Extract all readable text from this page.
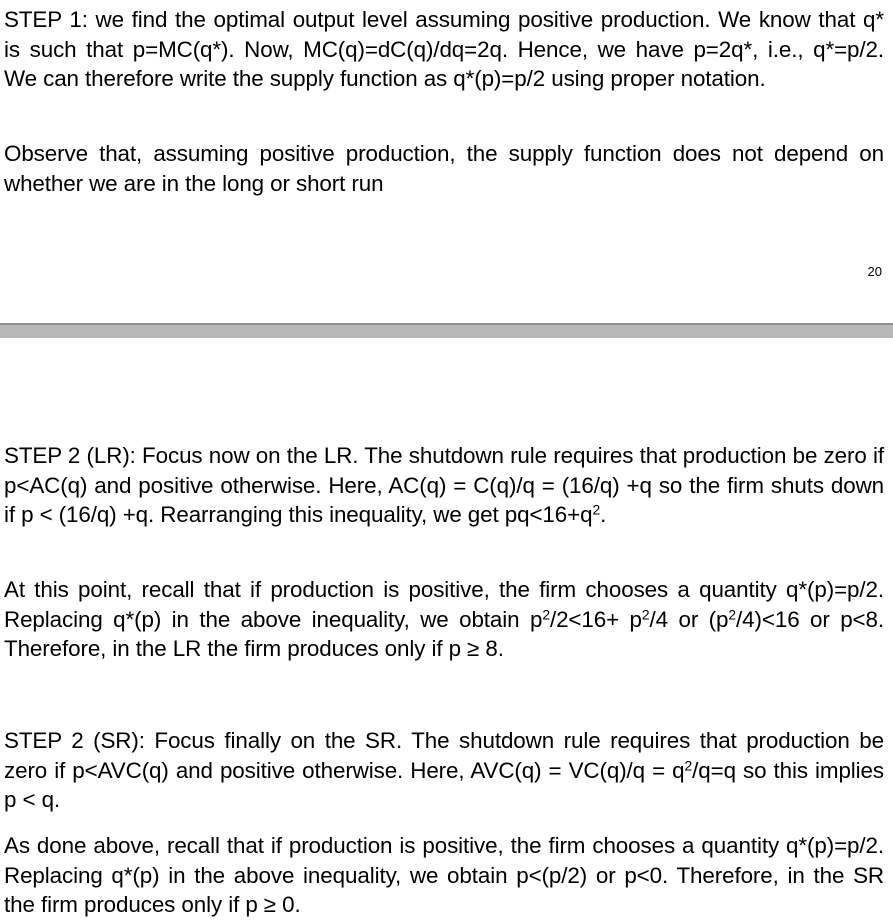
STEP 1: we find the optimal output level assuming positive production. We know that q* is such that p=MC(q*). Now, MC(q)=dC(q)/dq=2q. Hence, we have p=2q*, i.e., q*=p/2. We can therefore write the supply function as q*(p)=p/2 using proper notation.

Observe that, assuming positive production, the supply function does not depend on whether we are in the long or short run

20

STEP 2 (LR): Focus now on the LR. The shutdown rule requires that production be zero if p<AC(q) and positive otherwise. Here, AC(q) = C(q)/q = (16/q) +q so the firm shuts down if p < (16/q) +q. Rearranging this inequality, we get $pq<16+q^2$.

At this point, recall that if production is positive, the firm chooses a quantity q*(p)=p/2. Replacing q*(p) in the above inequality, we obtain $p^2/2<16+ p^2/4$ or $(p^2/4)<16$ or p<8. Therefore, in the LR the firm produces only if p ≥ 8.

STEP 2 (SR): Focus finally on the SR. The shutdown rule requires that production be zero if p<AVC(q) and positive otherwise. Here, $AVC(q) = VC(q)/q = q^2/q=q$ so this implies p < q.

As done above, recall that if production is positive, the firm chooses a quantity q*(p)=p/2. Replacing q*(p) in the above inequality, we obtain p<(p/2) or p<0. Therefore, in the SR the firm produces only if p ≥ 0.
